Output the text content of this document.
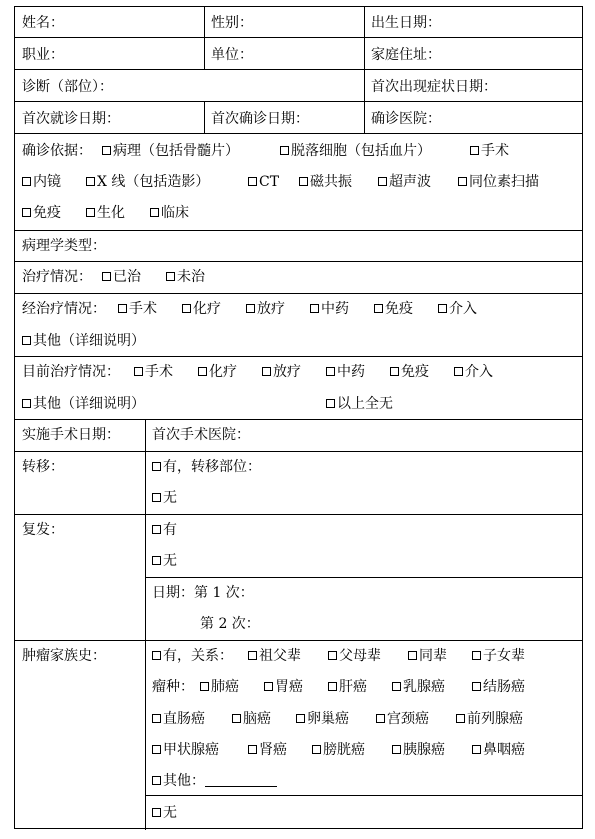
姓名：	性别：	出生日期：
职业：	单位：	家庭住址：
诊断（部位）：	首次出现症状日期：
首次就诊日期：	首次确诊日期：	确诊医院：
确诊依据：	病理（包括骨髓片）	脱落细胞（包括血片）	手术
内镜	X 线（包括造影）	CT	磁共振	超声波	同位素扫描
免疫	生化	临床
病理学类型：
治疗情况：	已治	未治
经治疗情况：	手术	化疗	放疗	中药	免疫	介入
其他（详细说明）
目前治疗情况：	手术	化疗	放疗	中药	免疫	介入
其他（详细说明）	以上全无
实施手术日期： 首次手术医院：
转移：	有，转移部位：
无
复发：	有
无
日期：第 1 次：
第 2 次：
肿瘤家族史：	有，关系：	祖父辈	父母辈	同辈	子女辈
瘤种：	肺癌	胃癌	肝癌	乳腺癌	结肠癌
直肠癌	脑癌	卵巢癌	宫颈癌	前列腺癌
甲状腺癌	肾癌	膀胱癌	胰腺癌	鼻咽癌
其他：
无
